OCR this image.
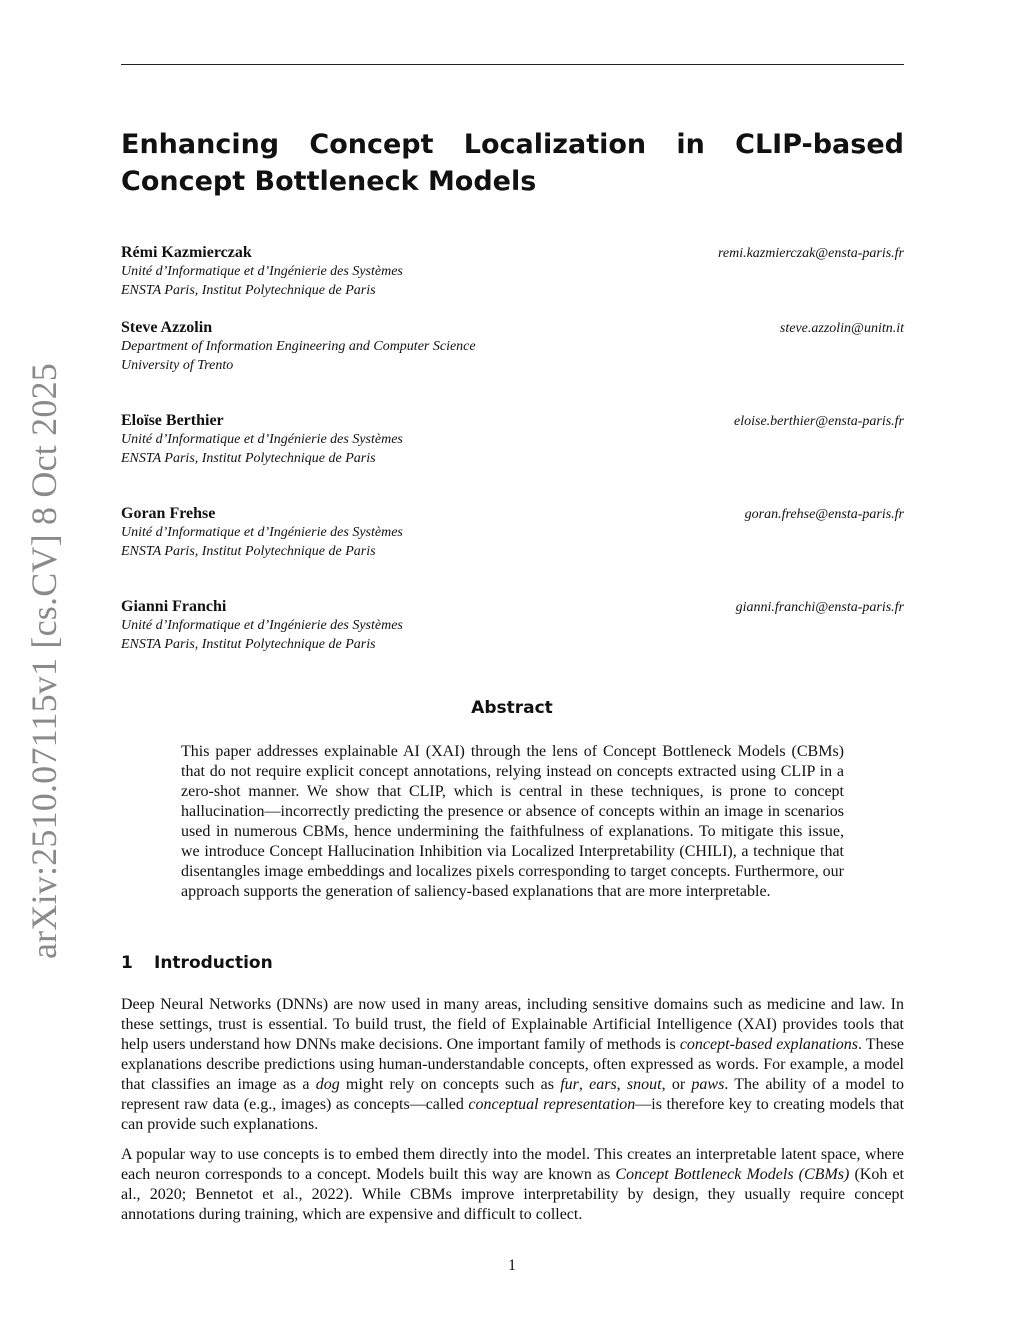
arXiv:2510.07115v1 [cs.CV] 8 Oct 2025
Enhancing Concept Localization in CLIP-based Concept Bottleneck Models
Rémi Kazmierczak	remi.kazmierczak@ensta-paris.fr
Unité d’Informatique et d’Ingénierie des Systèmes
ENSTA Paris, Institut Polytechnique de Paris
Steve Azzolin	steve.azzolin@unitn.it
Department of Information Engineering and Computer Science
University of Trento
Eloïse Berthier	eloise.berthier@ensta-paris.fr
Unité d’Informatique et d’Ingénierie des Systèmes
ENSTA Paris, Institut Polytechnique de Paris
Goran Frehse	goran.frehse@ensta-paris.fr
Unité d’Informatique et d’Ingénierie des Systèmes
ENSTA Paris, Institut Polytechnique de Paris
Gianni Franchi	gianni.franchi@ensta-paris.fr
Unité d’Informatique et d’Ingénierie des Systèmes
ENSTA Paris, Institut Polytechnique de Paris
Abstract

This paper addresses explainable AI (XAI) through the lens of Concept Bottleneck Models (CBMs) that do not require explicit concept annotations, relying instead on concepts extracted using CLIP in a zero-shot manner. We show that CLIP, which is central in these techniques, is prone to concept hallucination—incorrectly predicting the presence or absence of concepts within an image in scenarios used in numerous CBMs, hence undermining the faithfulness of explanations. To mitigate this issue, we introduce Concept Hallucination Inhibition via Localized Interpretability (CHILI), a technique that disentangles image embeddings and localizes pixels corresponding to target concepts. Furthermore, our approach supports the generation of saliency-based explanations that are more interpretable.

1 Introduction

Deep Neural Networks (DNNs) are now used in many areas, including sensitive domains such as medicine and law. In these settings, trust is essential. To build trust, the field of Explainable Artificial Intelligence (XAI) provides tools that help users understand how DNNs make decisions. One important family of methods is concept-based explanations. These explanations describe predictions using human-understandable concepts, often expressed as words. For example, a model that classifies an image as a dog might rely on concepts such as fur, ears, snout, or paws. The ability of a model to represent raw data (e.g., images) as concepts—called conceptual representation—is therefore key to creating models that can provide such explanations.

A popular way to use concepts is to embed them directly into the model. This creates an interpretable latent space, where each neuron corresponds to a concept. Models built this way are known as Concept Bottleneck Models (CBMs) (Koh et al., 2020; Bennetot et al., 2022). While CBMs improve interpretability by design, they usually require concept annotations during training, which are expensive and difficult to collect.

1
